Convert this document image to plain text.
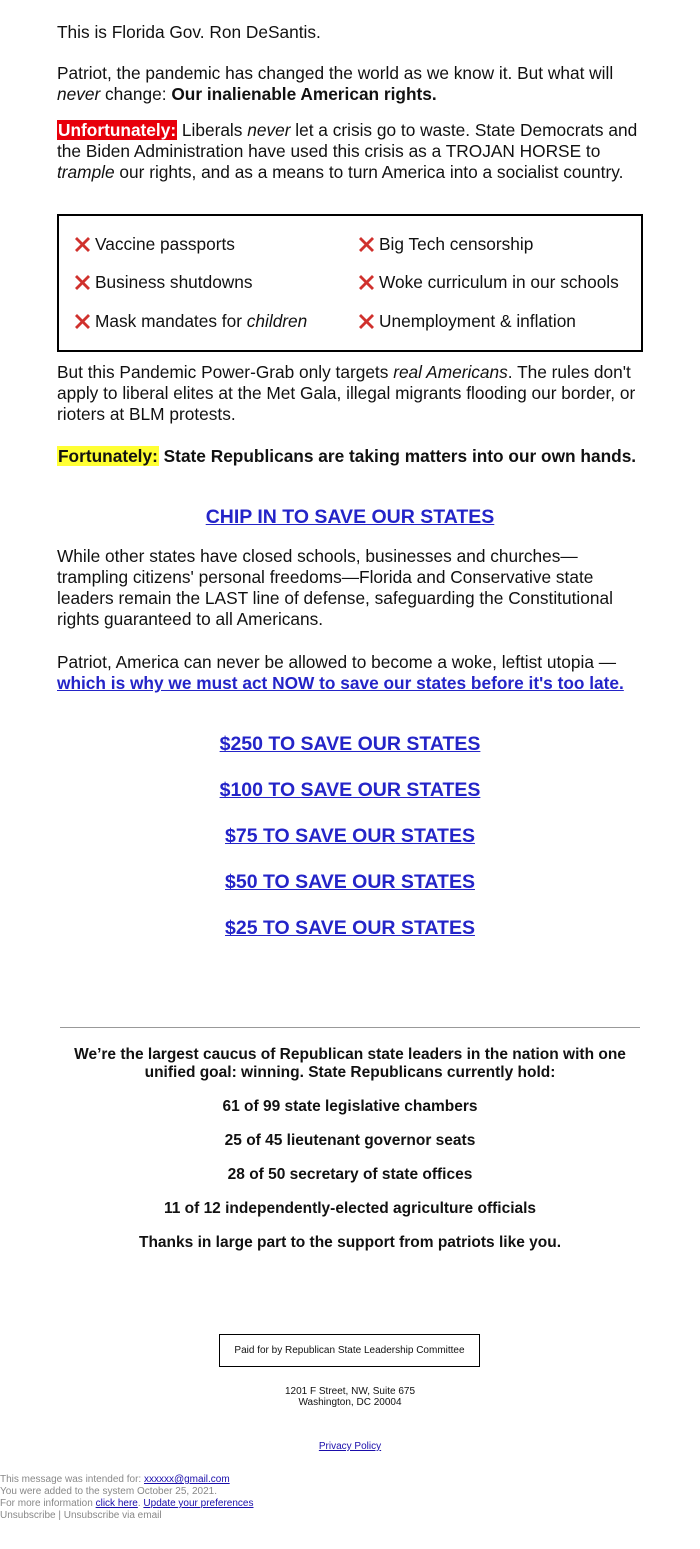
This is Florida Gov. Ron DeSantis.

Patriot, the pandemic has changed the world as we know it. But what will never change: Our inalienable American rights.

Unfortunately: Liberals never let a crisis go to waste. State Democrats and the Biden Administration have used this crisis as a TROJAN HORSE to trample our rights, and as a means to turn America into a socialist country.

Vaccine passports
Business shutdowns
Mask mandates for children
Big Tech censorship
Woke curriculum in our schools
Unemployment & inflation

But this Pandemic Power-Grab only targets real Americans. The rules don't apply to liberal elites at the Met Gala, illegal migrants flooding our border, or rioters at BLM protests.

Fortunately: State Republicans are taking matters into our own hands.

CHIP IN TO SAVE OUR STATES

While other states have closed schools, businesses and churches—trampling citizens' personal freedoms—Florida and Conservative state leaders remain the LAST line of defense, safeguarding the Constitutional rights guaranteed to all Americans.

Patriot, America can never be allowed to become a woke, leftist utopia — which is why we must act NOW to save our states before it's too late.

$250 TO SAVE OUR STATES
$100 TO SAVE OUR STATES
$75 TO SAVE OUR STATES
$50 TO SAVE OUR STATES
$25 TO SAVE OUR STATES
We’re the largest caucus of Republican state leaders in the nation with one unified goal: winning. State Republicans currently hold:
61 of 99 state legislative chambers
25 of 45 lieutenant governor seats
28 of 50 secretary of state offices
11 of 12 independently-elected agriculture officials
Thanks in large part to the support from patriots like you.
Paid for by Republican State Leadership Committee
1201 F Street, NW, Suite 675
Washington, DC 20004
Privacy Policy
This message was intended for: xxxxxx@gmail.com
You were added to the system October 25, 2021.
For more information click here. Update your preferences
Unsubscribe | Unsubscribe via email
